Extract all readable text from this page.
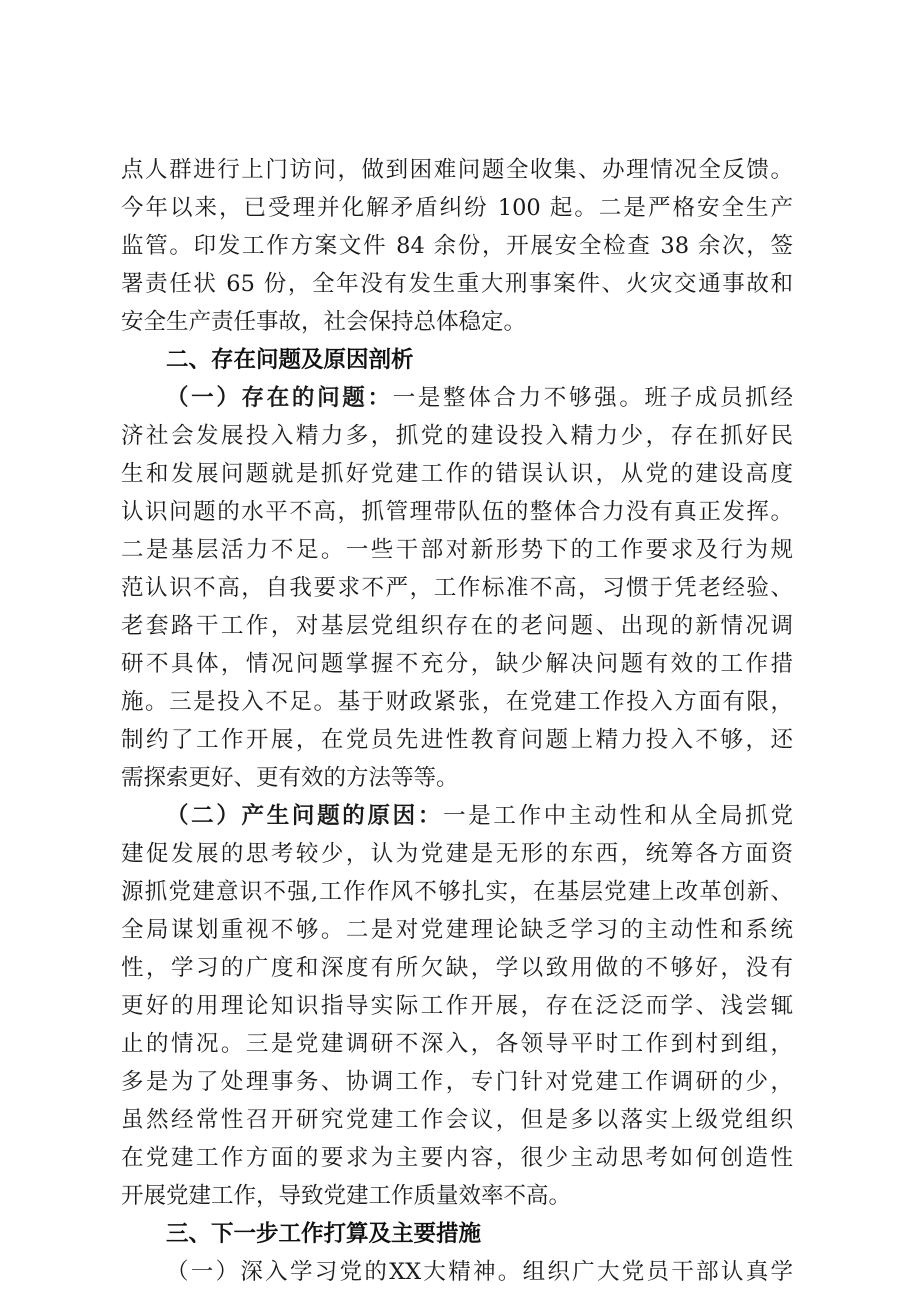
点人群进行上门访问，做到困难问题全收集、办理情况全反馈。
今年以来，已受理并化解矛盾纠纷 100 起。二是严格安全生产
监管。印发工作方案文件 84 余份，开展安全检查 38 余次，签
署责任状 65 份，全年没有发生重大刑事案件、火灾交通事故和
安全生产责任事故，社会保持总体稳定。
二、存在问题及原因剖析
（一）存在的问题：一是整体合力不够强。班子成员抓经
济社会发展投入精力多，抓党的建设投入精力少，存在抓好民
生和发展问题就是抓好党建工作的错误认识，从党的建设高度
认识问题的水平不高，抓管理带队伍的整体合力没有真正发挥。
二是基层活力不足。一些干部对新形势下的工作要求及行为规
范认识不高，自我要求不严，工作标准不高，习惯于凭老经验、
老套路干工作，对基层党组织存在的老问题、出现的新情况调
研不具体，情况问题掌握不充分，缺少解决问题有效的工作措
施。三是投入不足。基于财政紧张，在党建工作投入方面有限，
制约了工作开展，在党员先进性教育问题上精力投入不够，还
需探索更好、更有效的方法等等。
（二）产生问题的原因：一是工作中主动性和从全局抓党
建促发展的思考较少，认为党建是无形的东西，统筹各方面资
源抓党建意识不强,工作作风不够扎实，在基层党建上改革创新、
全局谋划重视不够。二是对党建理论缺乏学习的主动性和系统
性，学习的广度和深度有所欠缺，学以致用做的不够好，没有
更好的用理论知识指导实际工作开展，存在泛泛而学、浅尝辄
止的情况。三是党建调研不深入，各领导平时工作到村到组，
多是为了处理事务、协调工作，专门针对党建工作调研的少，
虽然经常性召开研究党建工作会议，但是多以落实上级党组织
在党建工作方面的要求为主要内容，很少主动思考如何创造性
开展党建工作，导致党建工作质量效率不高。
三、下一步工作打算及主要措施
（一）深入学习党的XX大精神。组织广大党员干部认真学
